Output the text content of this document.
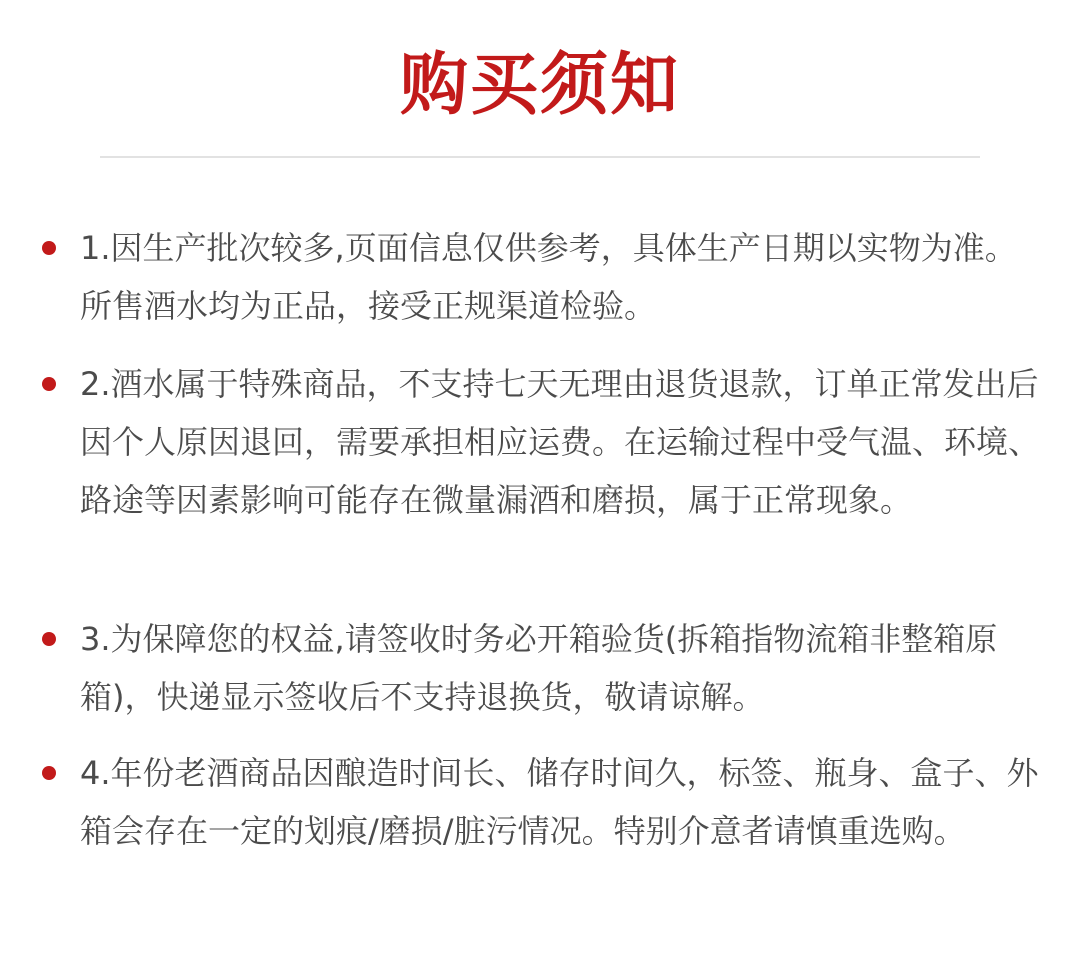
购买须知
1.因生产批次较多,页面信息仅供参考，具体生产日期以实物为准。所售酒水均为正品，接受正规渠道检验。
2.酒水属于特殊商品，不支持七天无理由退货退款，订单正常发出后因个人原因退回，需要承担相应运费。在运输过程中受气温、环境、路途等因素影响可能存在微量漏酒和磨损，属于正常现象。
3.为保障您的权益,请签收时务必开箱验货(拆箱指物流箱非整箱原箱)，快递显示签收后不支持退换货，敬请谅解。
4.年份老酒商品因酿造时间长、储存时间久，标签、瓶身、盒子、外箱会存在一定的划痕/磨损/脏污情况。特别介意者请慎重选购。
